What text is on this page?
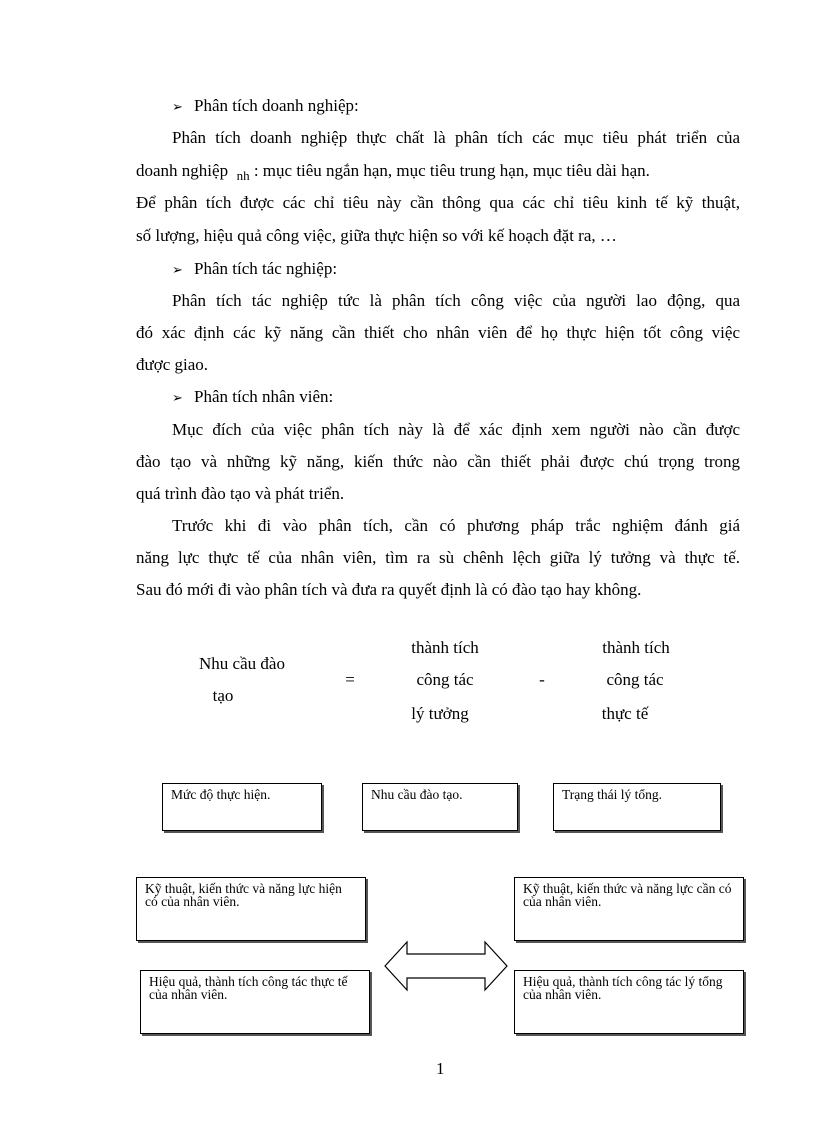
➢ Phân tích doanh nghiệp:
Phân tích doanh nghiệp thực chất là phân tích các mục tiêu phát triển của
doanh nghiệp $_{nh}$ : mục tiêu ngắn hạn, mục tiêu trung hạn, mục tiêu dài hạn.
Để phân tích được các chỉ tiêu này cần thông qua các chỉ tiêu kinh tế kỹ thuật,
số lượng, hiệu quả công việc, giữa thực hiện so với kế hoạch đặt ra, …
➢ Phân tích tác nghiệp:
Phân tích tác nghiệp tức là phân tích công việc của người lao động, qua
đó xác định các kỹ năng cần thiết cho nhân viên để họ thực hiện tốt công việc
được giao.
➢ Phân tích nhân viên:
Mục đích của việc phân tích này là để xác định xem người nào cần được
đào tạo và những kỹ năng, kiến thức nào cần thiết phải được chú trọng trong
quá trình đào tạo và phát triển.
Trước khi đi vào phân tích, cần có phương pháp trắc nghiệm đánh giá
năng lực thực tế của nhân viên, tìm ra sù chênh lệch giữa lý tưởng và thực tế.
Sau đó mới đi vào phân tích và đưa ra quyết định là có đào tạo hay không.
Nhu cầu đào
tạo
=
thành tích
công tác
lý tưởng
-
thành tích
công tác
thực tế
Mức độ thực hiện.	Nhu cầu đào tạo.	Trạng thái lý tổng.
Kỹ thuật, kiến thức và năng lực hiện có của nhân viên.
Kỹ thuật, kiến thức và năng lực cần có của nhân viên.
Hiệu quả, thành tích công tác thực tế của nhân viên.
Hiệu quả, thành tích công tác lý tổng của nhân viên.
1
